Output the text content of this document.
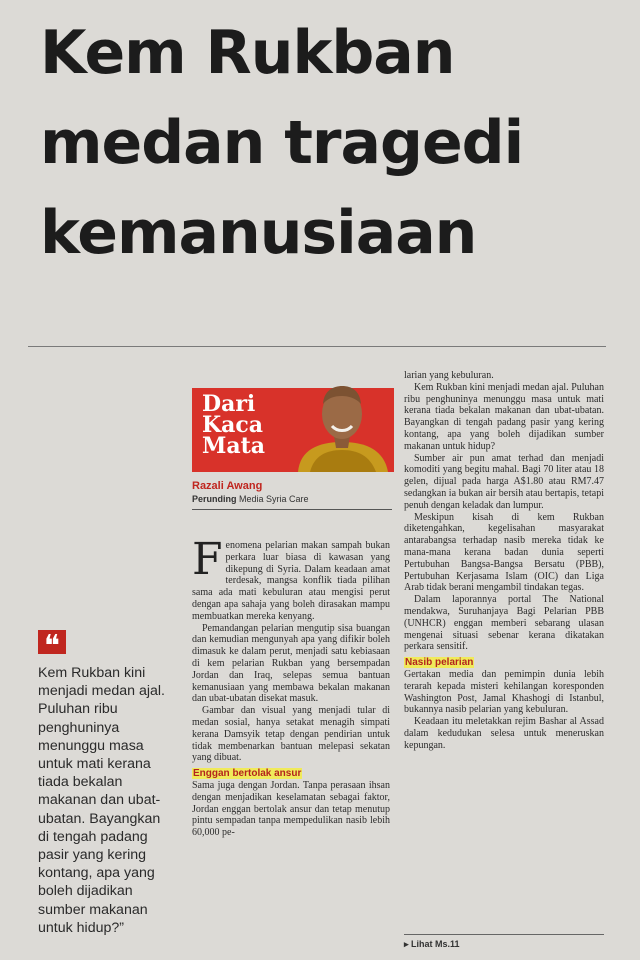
Kem Rukban
medan tragedi
kemanusiaan
Dari
Kaca
Mata
Razali Awang
Perunding Media Syria Care
❝
Kem Rukban kini menjadi medan ajal. Puluhan ribu penghuninya menunggu masa untuk mati kerana tiada bekalan makanan dan ubat-ubatan. Bayangkan di tengah padang pasir yang kering kontang, apa yang boleh dijadikan sumber makanan untuk hidup?”

Fenomena pelarian makan sampah bukan perkara luar biasa di kawasan yang dikepung di Syria. Dalam keadaan amat terdesak, mangsa konflik tiada pilihan sama ada mati kebuluran atau mengisi perut dengan apa sahaja yang boleh dirasakan mampu membuatkan mereka kenyang.

Pemandangan pelarian mengutip sisa buangan dan kemudian mengunyah apa yang difikir boleh dimasuk ke dalam perut, menjadi satu kebiasaan di kem pelarian Rukban yang bersempadan Jordan dan Iraq, selepas semua bantuan kemanusiaan yang membawa bekalan makanan dan ubat-ubatan disekat masuk.

Gambar dan visual yang menjadi tular di medan sosial, hanya setakat menagih simpati kerana Damsyik tetap dengan pendirian untuk tidak membenarkan bantuan melepasi sekatan yang dibuat.

Enggan bertolak ansur

Sama juga dengan Jordan. Tanpa perasaan ihsan dengan menjadikan keselamatan sebagai faktor, Jordan enggan bertolak ansur dan tetap menutup pintu sempadan tanpa mempedulikan nasib lebih 60,000 pe-

larian yang kebuluran.

Kem Rukban kini menjadi medan ajal. Puluhan ribu penghuninya menunggu masa untuk mati kerana tiada bekalan makanan dan ubat-ubatan. Bayangkan di tengah padang pasir yang kering kontang, apa yang boleh dijadikan sumber makanan untuk hidup?

Sumber air pun amat terhad dan menjadi komoditi yang begitu mahal. Bagi 70 liter atau 18 gelen, dijual pada harga A$1.80 atau RM7.47 sedangkan ia bukan air bersih atau bertapis, tetapi penuh dengan keladak dan lumpur.

Meskipun kisah di kem Rukban diketengahkan, kegelisahan masyarakat antarabangsa terhadap nasib mereka tidak ke mana-mana kerana badan dunia seperti Pertubuhan Bangsa-Bangsa Bersatu (PBB), Pertubuhan Kerjasama Islam (OIC) dan Liga Arab tidak berani mengambil tindakan tegas.

Dalam laporannya portal The National mendakwa, Suruhanjaya Bagi Pelarian PBB (UNHCR) enggan memberi sebarang ulasan mengenai situasi sebenar kerana dikatakan perkara sensitif.

Nasib pelarian

Gertakan media dan pemimpin dunia lebih terarah kepada misteri kehilangan koresponden Washington Post, Jamal Khashogi di Istanbul, bukannya nasib pelarian yang kebuluran.

Keadaan itu meletakkan rejim Bashar al Assad dalam kedudukan selesa untuk meneruskan kepungan.

▸ Lihat Ms.11
